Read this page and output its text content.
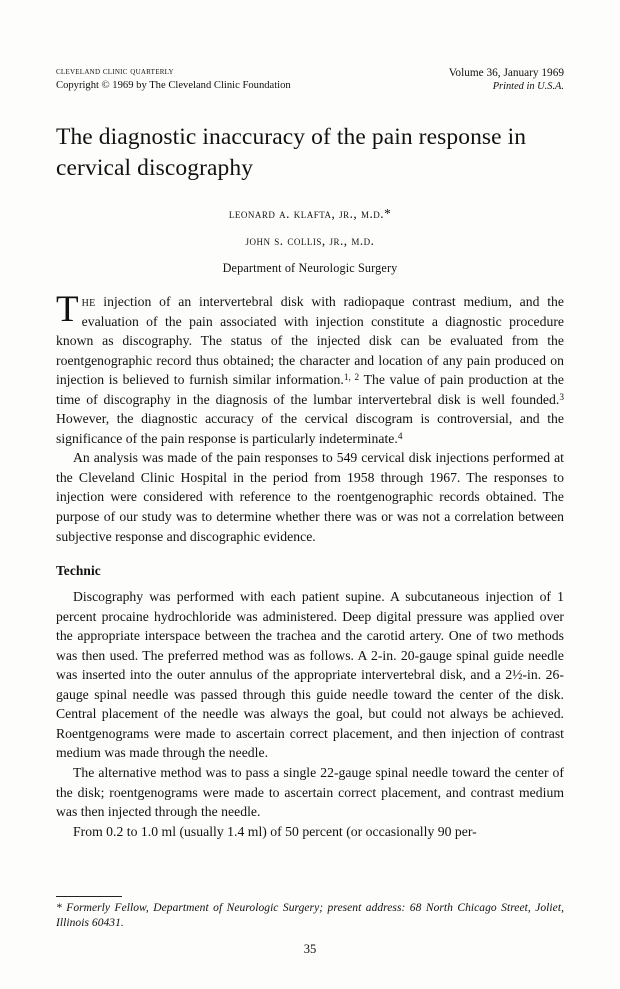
cleveland clinic quarterly
Copyright © 1969 by The Cleveland Clinic Foundation
Volume 36, January 1969
Printed in U.S.A.
The diagnostic inaccuracy of the pain response in cervical discography
leonard a. klafta, jr., m.d.*
john s. collis, jr., m.d.
Department of Neurologic Surgery

The injection of an intervertebral disk with radiopaque contrast medium, and the evaluation of the pain associated with injection constitute a diagnostic procedure known as discography. The status of the injected disk can be evaluated from the roentgenographic record thus obtained; the character and location of any pain produced on injection is believed to furnish similar information.$^{1, 2}$ The value of pain production at the time of discography in the diagnosis of the lumbar intervertebral disk is well founded.$^3$ However, the diagnostic accuracy of the cervical discogram is controversial, and the significance of the pain response is particularly indeterminate.$^4$

An analysis was made of the pain responses to 549 cervical disk injections performed at the Cleveland Clinic Hospital in the period from 1958 through 1967. The responses to injection were considered with reference to the roentgenographic records obtained. The purpose of our study was to determine whether there was or was not a correlation between subjective response and discographic evidence.

Technic

Discography was performed with each patient supine. A subcutaneous injection of 1 percent procaine hydrochloride was administered. Deep digital pressure was applied over the appropriate interspace between the trachea and the carotid artery. One of two methods was then used. The preferred method was as follows. A 2-in. 20-gauge spinal guide needle was inserted into the outer annulus of the appropriate intervertebral disk, and a 2½-in. 26-gauge spinal needle was passed through this guide needle toward the center of the disk. Central placement of the needle was always the goal, but could not always be achieved. Roentgenograms were made to ascertain correct placement, and then injection of contrast medium was made through the needle.

The alternative method was to pass a single 22-gauge spinal needle toward the center of the disk; roentgenograms were made to ascertain correct placement, and contrast medium was then injected through the needle.

From 0.2 to 1.0 ml (usually 1.4 ml) of 50 percent (or occasionally 90 per-

* Formerly Fellow, Department of Neurologic Surgery; present address: 68 North Chicago Street, Joliet, Illinois 60431.
35
